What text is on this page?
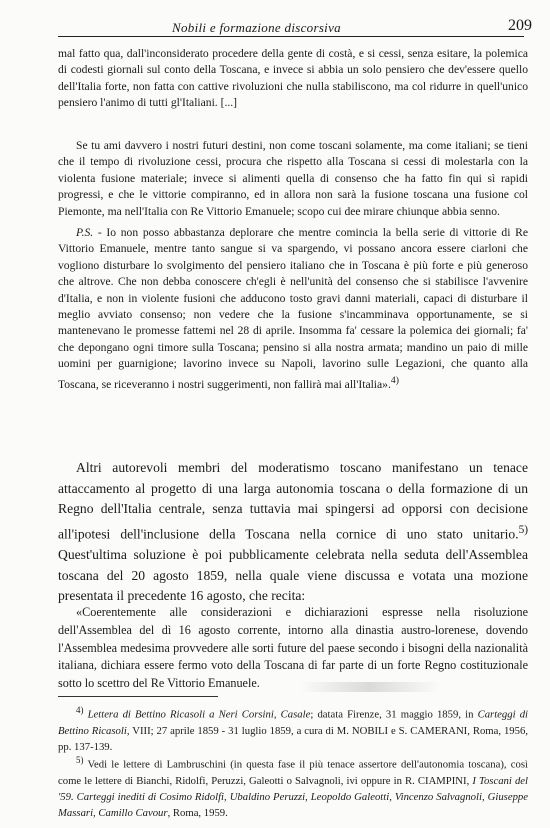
Nobili e formazione discorsiva	209

mal fatto qua, dall'inconsiderato procedere della gente di costà, e si cessi, senza esitare, la polemica di codesti giornali sul conto della Toscana, e invece si abbia un solo pensiero che dev'essere quello dell'Italia forte, non fatta con cattive rivoluzioni che nulla stabiliscono, ma col ridurre in quell'unico pensiero l'animo di tutti gl'Italiani. [...]

Se tu ami davvero i nostri futuri destini, non come toscani solamente, ma come italiani; se tieni che il tempo di rivoluzione cessi, procura che rispetto alla Toscana si cessi di molestarla con la violenta fusione materiale; invece si alimenti quella di consenso che ha fatto fin qui sì rapidi progressi, e che le vittorie compiranno, ed in allora non sarà la fusione toscana una fusione col Piemonte, ma nell'Italia con Re Vittorio Emanuele; scopo cui dee mirare chiunque abbia senno.

P.S. - Io non posso abbastanza deplorare che mentre comincia la bella serie di vittorie di Re Vittorio Emanuele, mentre tanto sangue si va spargendo, vi possano ancora essere ciarloni che vogliono disturbare lo svolgimento del pensiero italiano che in Toscana è più forte e più generoso che altrove. Che non debba conoscere ch'egli è nell'unità del consenso che si stabilisce l'avvenire d'Italia, e non in violente fusioni che adducono tosto gravi danni materiali, capaci di disturbare il meglio avviato consenso; non vedere che la fusione s'incamminava opportunamente, se si mantenevano le promesse fattemi nel 28 di aprile. Insomma fa' cessare la polemica dei giornali; fa' che depongano ogni timore sulla Toscana; pensino si alla nostra armata; mandino un paio di mille uomini per guarnigione; lavorino invece su Napoli, lavorino sulle Legazioni, che quanto alla Toscana, se riceveranno i nostri suggerimenti, non fallirà mai all'Italia».$^{4)}$

Altri autorevoli membri del moderatismo toscano manifestano un tenace attaccamento al progetto di una larga autonomia toscana o della formazione di un Regno dell'Italia centrale, senza tuttavia mai spingersi ad opporsi con decisione all'ipotesi dell'inclusione della Toscana nella cornice di uno stato unitario.$^{5)}$ Quest'ultima soluzione è poi pubblicamente celebrata nella seduta dell'Assemblea toscana del 20 agosto 1859, nella quale viene discussa e votata una mozione presentata il precedente 16 agosto, che recita:

«Coerentemente alle considerazioni e dichiarazioni espresse nella risoluzione dell'Assemblea del dì 16 agosto corrente, intorno alla dinastia austro-lorenese, dovendo l'Assemblea medesima provvedere alle sorti future del paese secondo i bisogni della nazionalità italiana, dichiara essere fermo voto della Toscana di far parte di un forte Regno costituzionale sotto lo scettro del Re Vittorio Emanuele.

$^{4)}$ Lettera di Bettino Ricasoli a Neri Corsini, Casale; datata Firenze, 31 maggio 1859, in Carteggi di Bettino Ricasoli, VIII; 27 aprile 1859 - 31 luglio 1859, a cura di M. NOBILI e S. CAMERANI, Roma, 1956, pp. 137-139.

$^{5)}$ Vedi le lettere di Lambruschini (in questa fase il più tenace assertore dell'autonomia toscana), così come le lettere di Bianchi, Ridolfi, Peruzzi, Galeotti o Salvagnoli, ivi oppure in R. CIAMPINI, I Toscani del '59. Carteggi inediti di Cosimo Ridolfi, Ubaldino Peruzzi, Leopoldo Galeotti, Vincenzo Salvagnoli, Giuseppe Massari, Camillo Cavour, Roma, 1959.
